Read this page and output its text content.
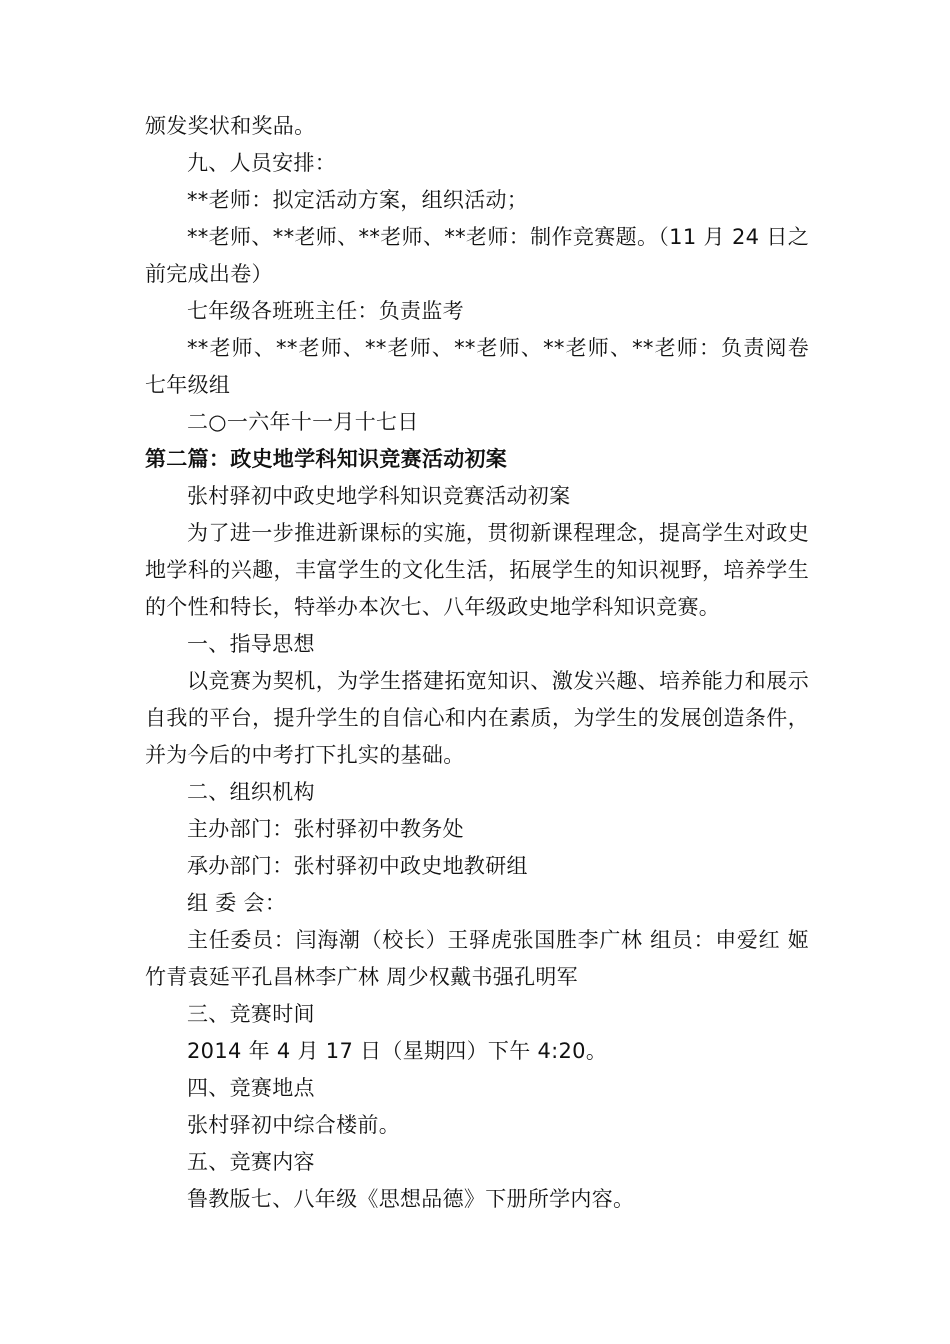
颁发奖状和奖品。

九、人员安排：

**老师：拟定活动方案，组织活动；

**老师、**老师、**老师、**老师：制作竞赛题。（11 月 24 日之前完成出卷）

七年级各班班主任：负责监考

**老师、**老师、**老师、**老师、**老师、**老师：负责阅卷 七年级组

二○一六年十一月十七日

第二篇：政史地学科知识竞赛活动初案

张村驿初中政史地学科知识竞赛活动初案

为了进一步推进新课标的实施，贯彻新课程理念，提高学生对政史地学科的兴趣，丰富学生的文化生活，拓展学生的知识视野，培养学生的个性和特长，特举办本次七、八年级政史地学科知识竞赛。

一、指导思想

以竞赛为契机，为学生搭建拓宽知识、激发兴趣、培养能力和展示自我的平台，提升学生的自信心和内在素质，为学生的发展创造条件，并为今后的中考打下扎实的基础。

二、组织机构

主办部门：张村驿初中教务处

承办部门：张村驿初中政史地教研组

组 委 会：

主任委员：闫海潮（校长）王驿虎张国胜李广林 组员：申爱红 姬竹青袁延平孔昌林李广林 周少权戴书强孔明军

三、竞赛时间

2014 年 4 月 17 日（星期四）下午 4:20。

四、竞赛地点

张村驿初中综合楼前。

五、竞赛内容

鲁教版七、八年级《思想品德》下册所学内容。
